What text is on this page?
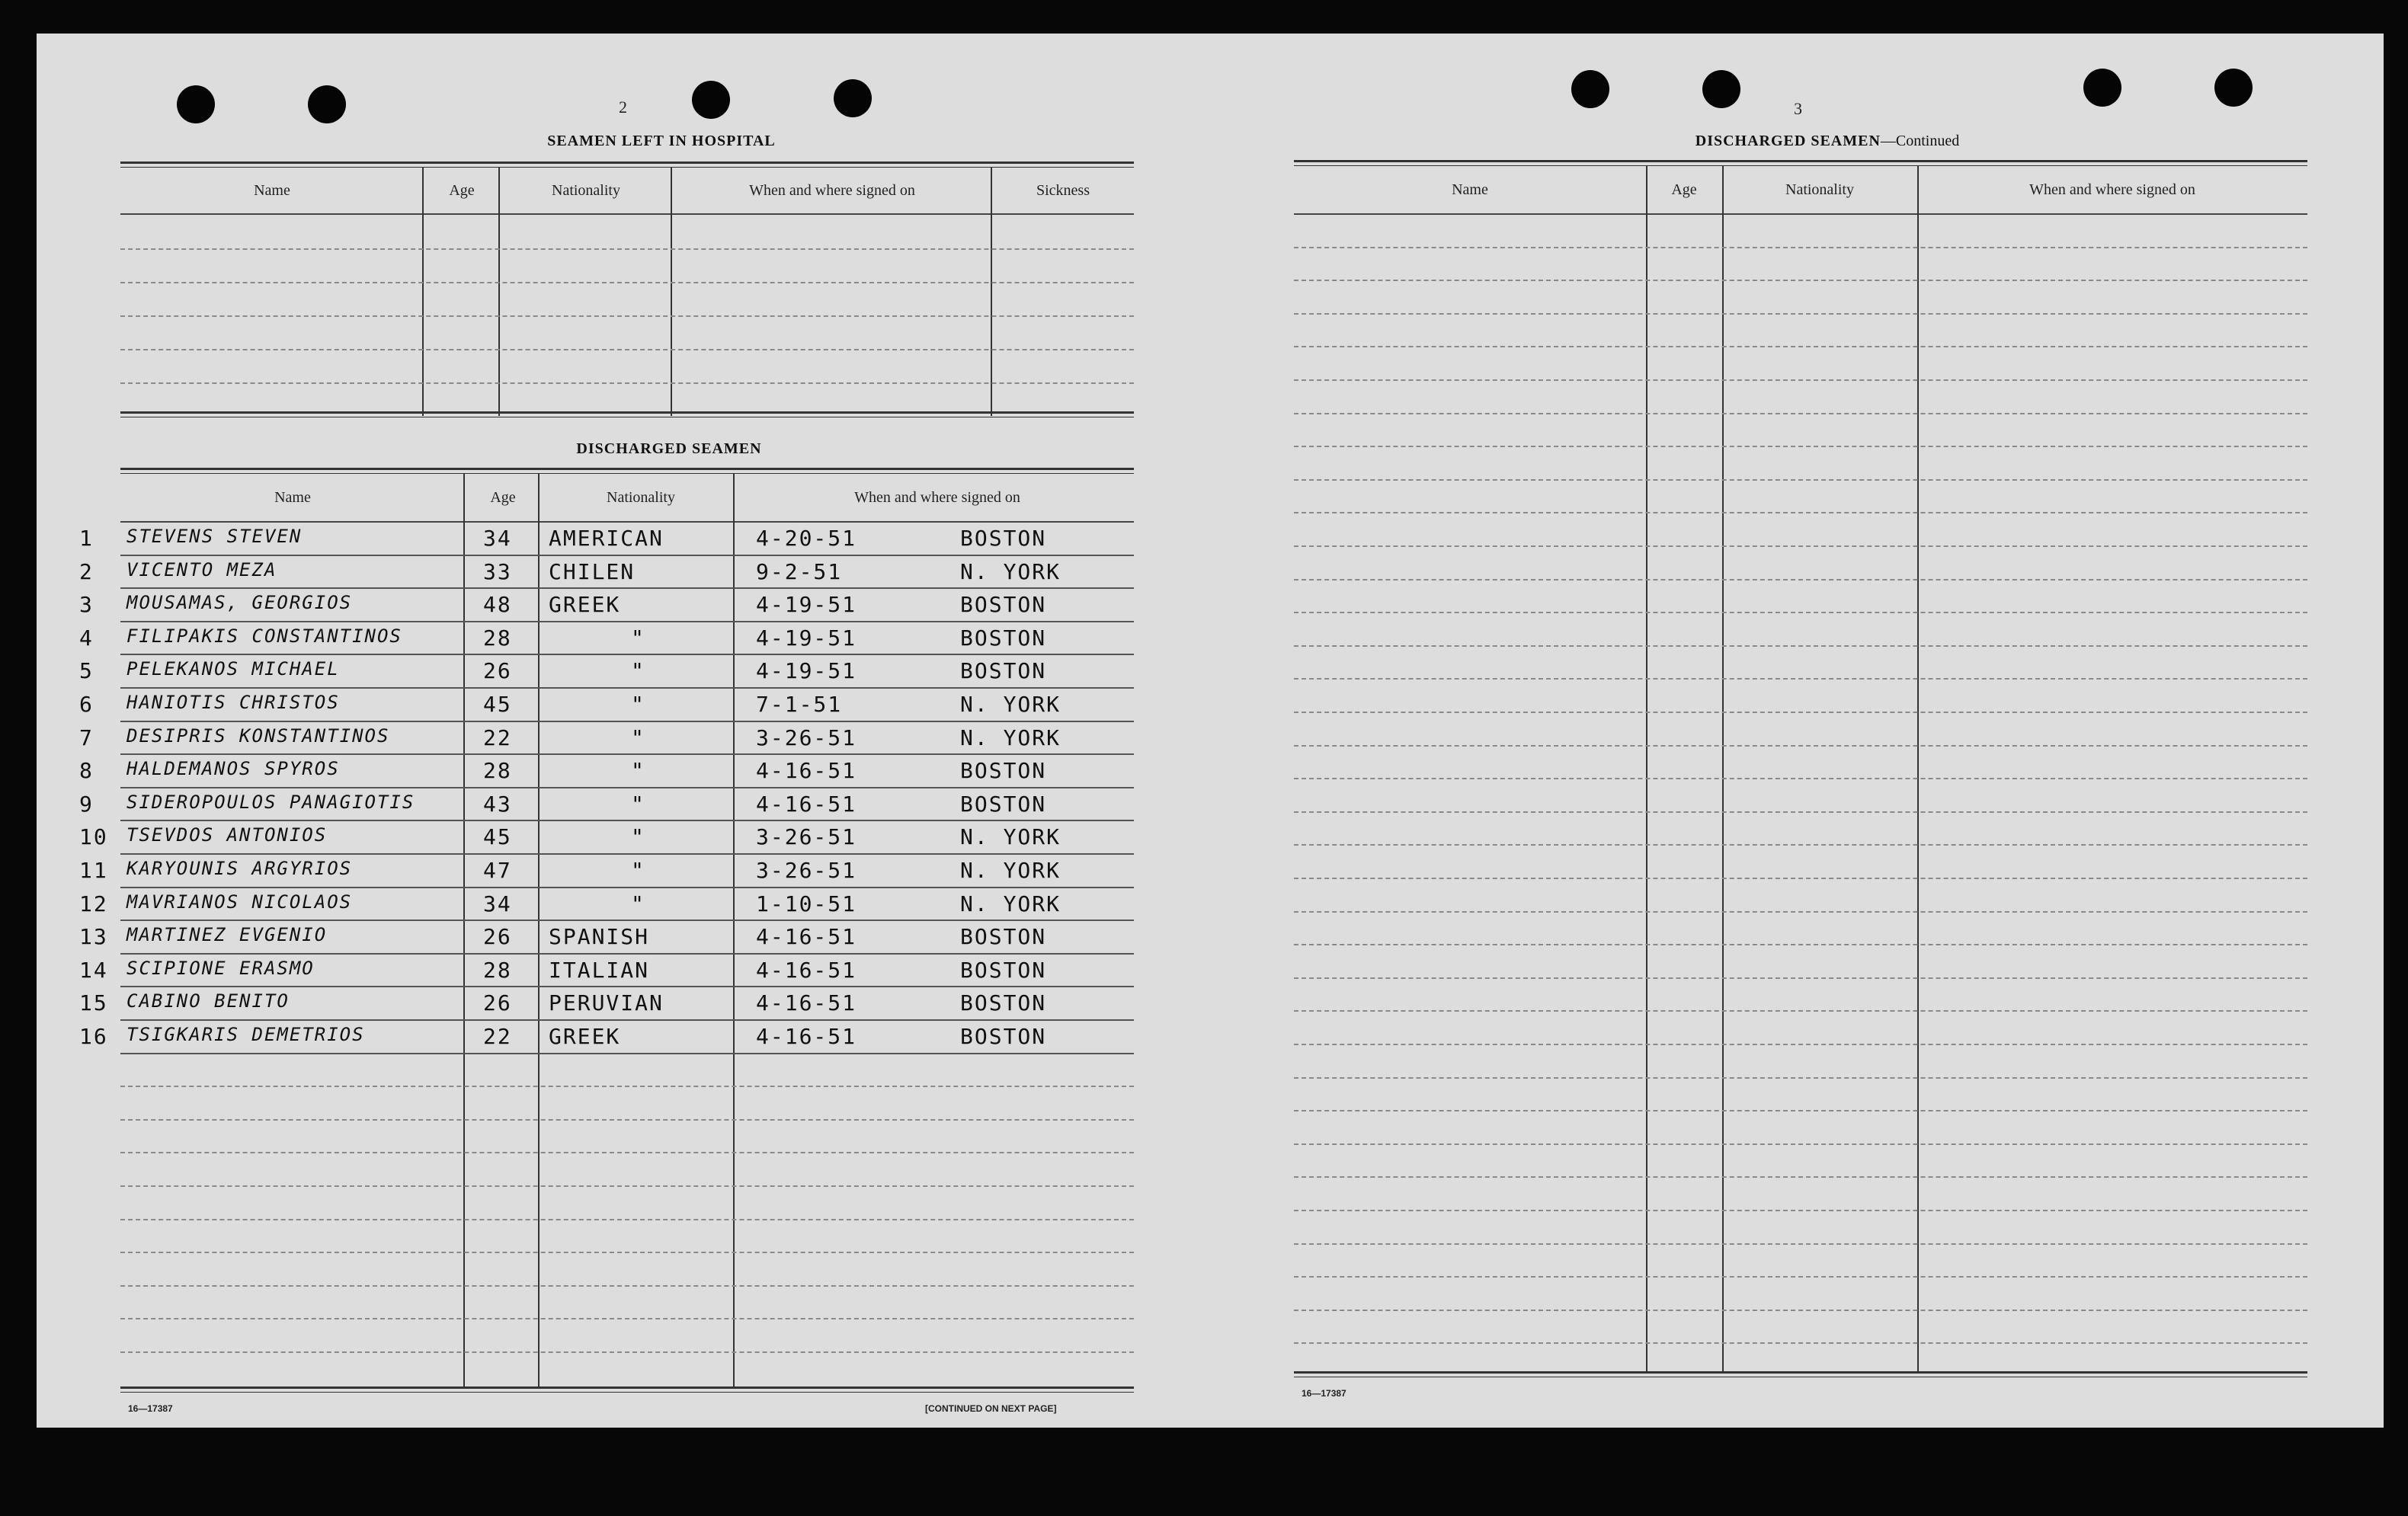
2
SEAMEN LEFT IN HOSPITAL
Name	Age	Nationality	When and where signed on	Sickness
DISCHARGED SEAMEN
Name	Age	Nationality	When and where signed on
1 STEVENS STEVEN	34 AMERICAN	4-20-51	BOSTON
2 VICENTO MEZA	33 CHILEN	9-2-51	N. YORK
3 MOUSAMAS, GEORGIOS	48 GREEK	4-19-51	BOSTON
4 FILIPAKIS CONSTANTINOS	28	"	4-19-51	BOSTON
5 PELEKANOS MICHAEL	26	"	4-19-51	BOSTON
6 HANIOTIS CHRISTOS	45	"	7-1-51	N. YORK
7 DESIPRIS KONSTANTINOS	22	"	3-26-51	N. YORK
8 HALDEMANOS SPYROS	28	"	4-16-51	BOSTON
9 SIDEROPOULOS PANAGIOTIS	43	"	4-16-51	BOSTON
10 TSEVDOS ANTONIOS	45	"	3-26-51	N. YORK
11 KARYOUNIS ARGYRIOS	47	"	3-26-51	N. YORK
12 MAVRIANOS NICOLAOS	34	"	1-10-51	N. YORK
13 MARTINEZ EVGENIO	26 SPANISH	4-16-51	BOSTON
14 SCIPIONE ERASMO	28 ITALIAN	4-16-51	BOSTON
15 CABINO BENITO	26 PERUVIAN	4-16-51	BOSTON
16 TSIGKARIS DEMETRIOS	22 GREEK	4-16-51	BOSTON
16—17387	[CONTINUED ON NEXT PAGE]
3
DISCHARGED SEAMEN—Continued
Name	Age	Nationality	When and where signed on
16—17387
